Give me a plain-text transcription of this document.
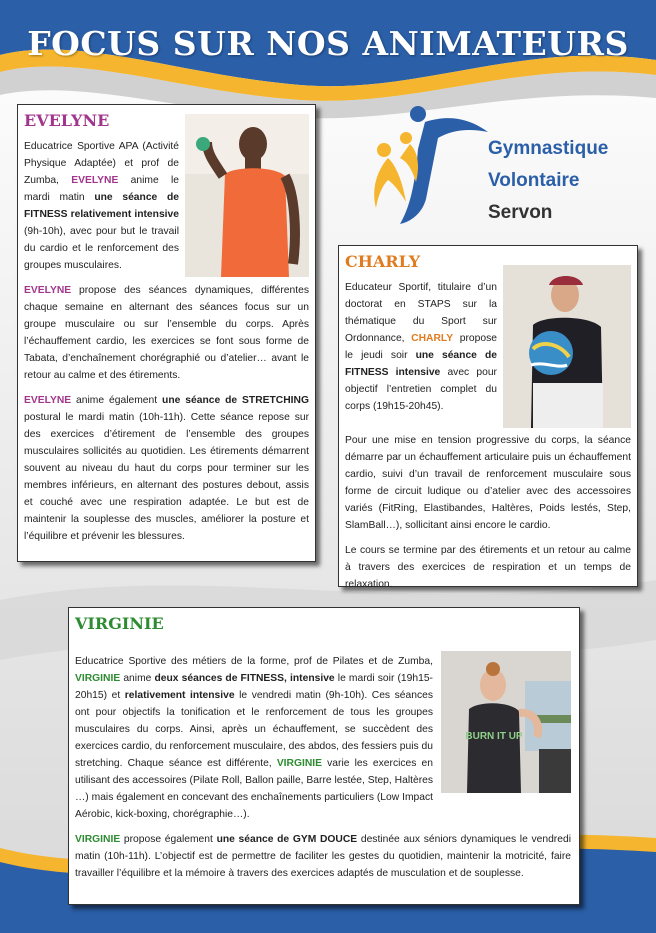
FOCUS SUR NOS ANIMATEURS
Gymnastique
Volontaire
Servon
EVELYNE

Educatrice Sportive APA (Activité Physique Adaptée) et prof de Zumba, EVELYNE anime le mardi matin une séance de FITNESS relativement intensive (9h-10h), avec pour but le travail du cardio et le renforcement des groupes musculaires.

EVELYNE propose des séances dynamiques, différentes chaque semaine en alternant des séances focus sur un groupe musculaire ou sur l’ensemble du corps. Après l’échauffement cardio, les exercices se font sous forme de Tabata, d’enchaînement chorégraphié ou d’atelier… avant le retour au calme et des étirements.

EVELYNE anime également une séance de STRETCHING postural le mardi matin (10h-11h). Cette séance repose sur des exercices d’étirement de l’ensemble des groupes musculaires sollicités au quotidien. Les étirements démarrent souvent au niveau du haut du corps pour terminer sur les membres inférieurs, en alternant des postures debout, assis et couché avec une respiration adaptée. Le but est de maintenir la souplesse des muscles, améliorer la posture et l’équilibre et prévenir les blessures.

CHARLY

Educateur Sportif, titulaire d’un doctorat en STAPS sur la thématique du Sport sur Ordonnance, CHARLY propose le jeudi soir une séance de FITNESS intensive avec pour objectif l’entretien complet du corps (19h15-20h45).

Pour une mise en tension progressive du corps, la séance démarre par un échauffement articulaire puis un échauffement cardio, suivi d’un travail de renforcement musculaire sous forme de circuit ludique ou d’atelier avec des accessoires variés (FitRing, Elastibandes, Haltères, Poids lestés, Step, SlamBall…), sollicitant ainsi encore le cardio.

Le cours se termine par des étirements et un retour au calme à travers des exercices de respiration et un temps de relaxation.

VIRGINIE
BURN IT UP

Educatrice Sportive des métiers de la forme, prof de Pilates et de Zumba, VIRGINIE anime deux séances de FITNESS, intensive le mardi soir (19h15-20h15) et relativement intensive le vendredi matin (9h-10h). Ces séances ont pour objectifs la tonification et le renforcement de tous les groupes musculaires du corps. Ainsi, après un échauffement, se succèdent des exercices cardio, du renforcement musculaire, des abdos, des fessiers puis du stretching. Chaque séance est différente, VIRGINIE varie les exercices en utilisant des accessoires (Pilate Roll, Ballon paille, Barre lestée, Step, Haltères …) mais également en concevant des enchaînements particuliers (Low Impact Aérobic, kick-boxing, chorégraphie…).

VIRGINIE propose également une séance de GYM DOUCE destinée aux séniors dynamiques le vendredi matin (10h-11h). L’objectif est de permettre de faciliter les gestes du quotidien, maintenir la motricité, faire travailler l’équilibre et la mémoire à travers des exercices adaptés de musculation et de souplesse.
